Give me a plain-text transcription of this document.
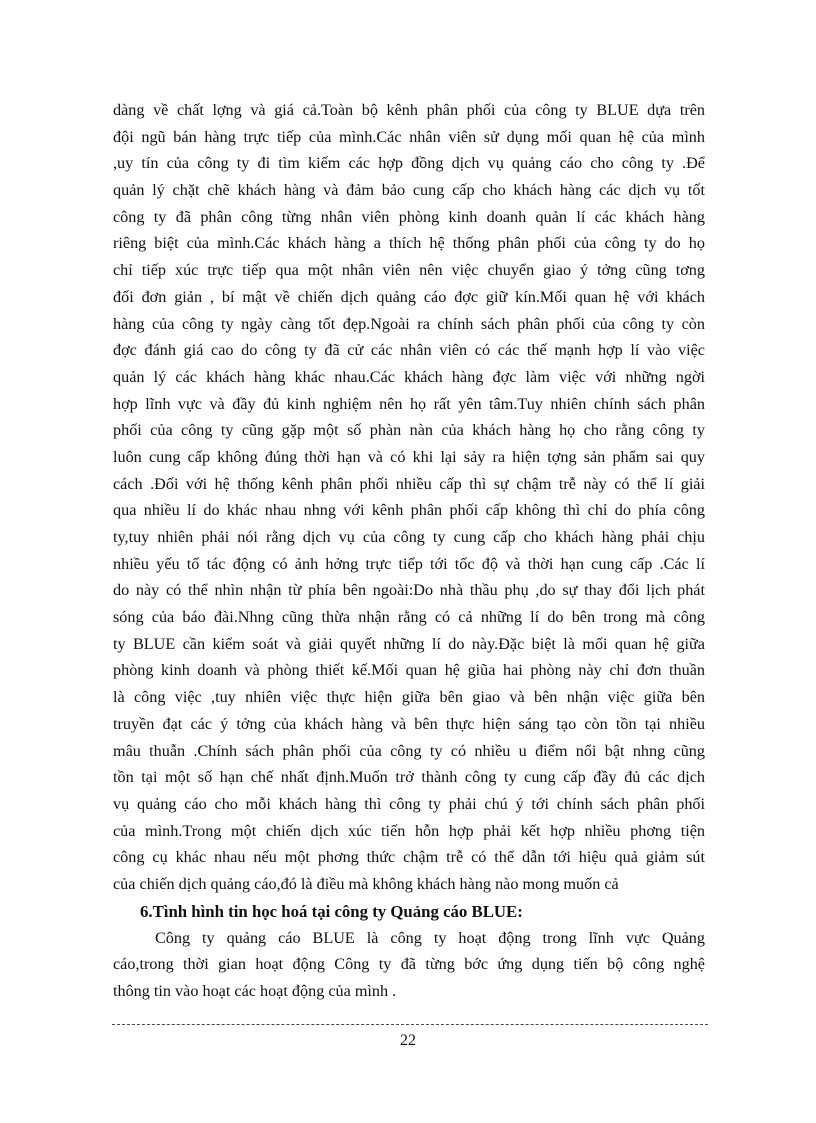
dàng về chất lợng và giá cả.Toàn bộ kênh phân phối của công ty BLUE dựa trên
đội ngũ bán hàng trực tiếp của mình.Các nhân viên sử dụng mối quan hệ của mình
,uy tín của công ty đi tìm kiếm các hợp đồng dịch vụ quảng cáo cho công ty .Để
quản lý chặt chẽ khách hàng và đảm bảo cung cấp cho khách hàng các dịch vụ tốt
công ty đã phân công từng nhân viên phòng kinh doanh quản lí các khách hàng
riêng biệt của mình.Các khách hàng a thích hệ thống phân phối của công ty do họ
chỉ tiếp xúc trực tiếp qua một nhân viên nên việc chuyển giao ý tởng cũng tơng
đối đơn giản , bí mật về chiến dịch quảng cáo đợc giữ kín.Mối quan hệ với khách
hàng của công ty ngày càng tốt đẹp.Ngoài ra chính sách phân phối của công ty còn
đợc đánh giá cao do công ty đã cử các nhân viên có các thế mạnh hợp lí vào việc
quản lý các khách hàng khác nhau.Các khách hàng đợc làm việc với những ngời
hợp lĩnh vực và đầy đủ kinh nghiệm nên họ rất yên tâm.Tuy nhiên chính sách phân
phối của công ty cũng gặp một số phàn nàn của khách hàng họ cho rằng công ty
luôn cung cấp không đúng thời hạn và có khi lại sảy ra hiện tợng sản phẩm sai quy
cách .Đối với hệ thống kênh phân phối nhiều cấp thì sự chậm trễ này có thể lí giải
qua nhiều lí do khác nhau nhng với kênh phân phối cấp không thì chỉ do phía công
ty,tuy nhiên phải nói rằng dịch vụ của công ty cung cấp cho khách hàng phải chịu
nhiều yếu tố tác động có ảnh hởng trực tiếp tới tốc độ và thời hạn cung cấp .Các lí
do này có thể nhìn nhận từ phía bên ngoài:Do nhà thầu phụ ,do sự thay đổi lịch phát
sóng của báo đài.Nhng cũng thừa nhận rằng có cả những lí do bên trong mà công
ty BLUE cần kiểm soát và giải quyết những lí do này.Đặc biệt là mối quan hệ giữa
phòng kinh doanh và phòng thiết kế.Mối quan hệ giũa hai phòng này chỉ đơn thuần
là công việc ,tuy nhiên việc thực hiện giữa bên giao và bên nhận việc giữa bên
truyền đạt các ý tởng của khách hàng và bên thực hiện sáng tạo còn tồn tại nhiều
mâu thuẫn .Chính sách phân phối của công ty có nhiều u điểm nổi bật nhng cũng
tồn tại một số hạn chế nhất định.Muốn trở thành công ty cung cấp đầy đủ các dịch
vụ quảng cáo cho mỗi khách hàng thì công ty phải chú ý tới chính sách phân phối
của mình.Trong một chiến dịch xúc tiến hỗn hợp phải kết hợp nhiều phơng tiện
công cụ khác nhau nếu một phơng thức chậm trễ có thể dẫn tới hiệu quả giảm sút
của chiến dịch quảng cáo,đó là điều mà không khách hàng nào mong muốn cả
6.Tình hình tin học hoá tại công ty Quảng cáo BLUE:
Công ty quảng cáo BLUE là công ty hoạt động trong lĩnh vực Quảng
cáo,trong thời gian hoạt động Công ty đã từng bớc ứng dụng tiến bộ công nghệ
thông tin vào hoạt các hoạt động của mình .
22
